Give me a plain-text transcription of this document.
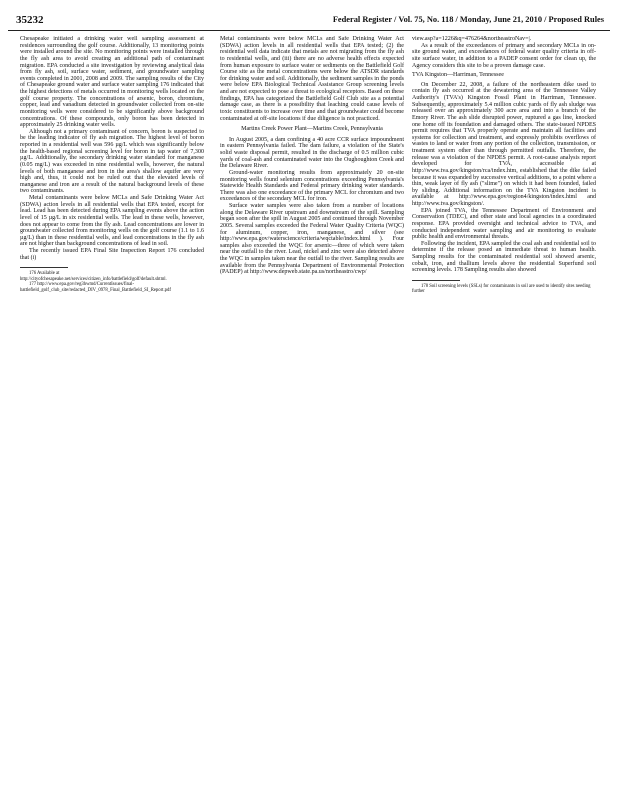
35232	Federal Register / Vol. 75, No. 118 / Monday, June 21, 2010 / Proposed Rules

Chesapeake initiated a drinking water well sampling assessment at residences surrounding the golf course. Additionally, 13 monitoring points were installed around the site. No monitoring points were installed through the fly ash area to avoid creating an additional path of contaminant migration. EPA conducted a site investigation by reviewing analytical data from fly ash, soil, surface water, sediment, and groundwater sampling events completed in 2001, 2008 and 2009. The sampling results of the City of Chesapeake ground water and surface water sampling 176 indicated that the highest detections of metals occurred in monitoring wells located on the golf course property. The concentrations of arsenic, boron, chromium, copper, lead and vanadium detected in groundwater collected from on-site monitoring wells were considered to be significantly above background concentrations. Of these compounds, only boron has been detected in approximately 25 drinking water wells.

Although not a primary contaminant of concern, boron is suspected to be the leading indicator of fly ash migration. The highest level of boron reported in a residential well was 596 µg/L which was significantly below the health-based regional screening level for boron in tap water of 7,300 µg/L. Additionally, the secondary drinking water standard for manganese (0.05 mg/L) was exceeded in nine residential wells, however, the natural levels of both manganese and iron in the area's shallow aquifer are very high and, thus, it could not be ruled out that the elevated levels of manganese and iron are a result of the natural background levels of these two contaminants.

Metal contaminants were below MCLs and Safe Drinking Water Act (SDWA) action levels in all residential wells that EPA tested, except for lead. Lead has been detected during EPA sampling events above the action level of 15 µg/L in six residential wells. The lead in these wells, however, does not appear to come from the fly ash. Lead concentrations are lower in groundwater collected from monitoring wells on the golf course (1.1 to 1.6 µg/L) than in these residential wells, and lead concentrations in the fly ash are not higher than background concentrations of lead in soil.

The recently issued EPA Final Site Inspection Report 176 concluded that (i)

176 Available at http://cityofchesapeake.net/services/citizen_info/battlefield/golf/default.shtml.

177 http://www.epa.gov/reg3hwmd/CurrentIssues/final-battlefield_golf_club_site/redacted_DIV_0978_Final_Battlefield_SI_Report.pdf

Metal contaminants were below MCLs and Safe Drinking Water Act (SDWA) action levels in all residential wells that EPA tested; (2) the residential well data indicate that metals are not migrating from the fly ash to residential wells, and (iii) there are no adverse health effects expected from human exposure to surface water or sediments on the Battlefield Golf Course site as the metal concentrations were below the ATSDR standards for drinking water and soil. Additionally, the sediment samples in the ponds were below EPA Biological Technical Assistance Group screening levels and are not expected to pose a threat to ecological receptors. Based on these findings, EPA has categorized the Battlefield Golf Club site as a potential damage case, as there is a possibility that leaching could cause levels of toxic constituents to increase over time and that groundwater could become contaminated at off-site locations if due diligence is not practiced.

Martins Creek Power Plant—Martins Creek, Pennsylvania

In August 2005, a dam confining a 40 acre CCR surface impoundment in eastern Pennsylvania failed. The dam failure, a violation of the State's solid waste disposal permit, resulted in the discharge of 0.5 million cubic yards of coal-ash and contaminated water into the Oughoughton Creek and the Delaware River.

Ground-water monitoring results from approximately 20 on-site monitoring wells found selenium concentrations exceeding Pennsylvania's Statewide Health Standards and Federal primary drinking water standards. There was also one exceedance of the primary MCL for chromium and two exceedances of the secondary MCL for iron.

Surface water samples were also taken from a number of locations along the Delaware River upstream and downstream of the spill. Sampling began soon after the spill in August 2005 and continued through November 2005. Several samples exceeded the Federal Water Quality Criteria (WQC) for aluminum, copper, iron, manganese, and silver (see http://www.epa.gov/waterscience/criteria/wqctable/index.html ). Four samples also exceeded the WQC for arsenic—three of which were taken near the outfall to the river. Lead, nickel and zinc were also detected above the WQC in samples taken near the outfall to the river. Sampling results are available from the Pennsylvania Department of Environmental Protection (PADEP) at http://www.depweb.state.pa.us/northeastro/cwp/

view.asp?a=1226&q=476264&northeastroNav=|.

As a result of the exceedances of primary and secondary MCLs in on-site ground water, and exceedances of federal water quality criteria in off-site surface water, in addition to a PADEP consent order for clean up, the Agency considers this site to be a proven damage case.

TVA Kingston—Harriman, Tennessee

On December 22, 2008, a failure of the northeastern dike used to contain fly ash occurred at the dewatering area of the Tennessee Valley Authority's (TVA's) Kingston Fossil Plant in Harriman, Tennessee. Subsequently, approximately 5.4 million cubic yards of fly ash sludge was released over an approximately 300 acre area and into a branch of the Emory River. The ash slide disrupted power, ruptured a gas line, knocked one home off its foundation and damaged others. The state-issued NPDES permit requires that TVA properly operate and maintain all facilities and systems for collection and treatment, and expressly prohibits overflows of wastes to land or water from any portion of the collection, transmission, or treatment system other than through permitted outfalls. Therefore, the release was a violation of the NPDES permit. A root-cause analysis report developed for TVA, accessible at http://www.tva.gov/kingston/rca/index.htm, established that the dike failed because it was expanded by successive vertical additions, to a point where a thin, weak layer of fly ash ("slime") on which it had been founded, failed by sliding. Additional information on the TVA Kingston incident is available at http://www.epa.gov/region4/kingston/index.html and http://www.tva.gov/kingston/.

EPA joined TVA, the Tennessee Department of Environment and Conservation (TDEC), and other state and local agencies in a coordinated response. EPA provided oversight and technical advice to TVA, and conducted independent water sampling and air monitoring to evaluate public health and environmental threats.

Following the incident, EPA sampled the coal ash and residential soil to determine if the release posed an immediate threat to human health. Sampling results for the contaminated residential soil showed arsenic, cobalt, iron, and thallium levels above the residential Superfund soil screening levels. 178 Sampling results also showed

178 Soil screening levels (SSLs) for contaminants in soil are used to identify sites needing further
